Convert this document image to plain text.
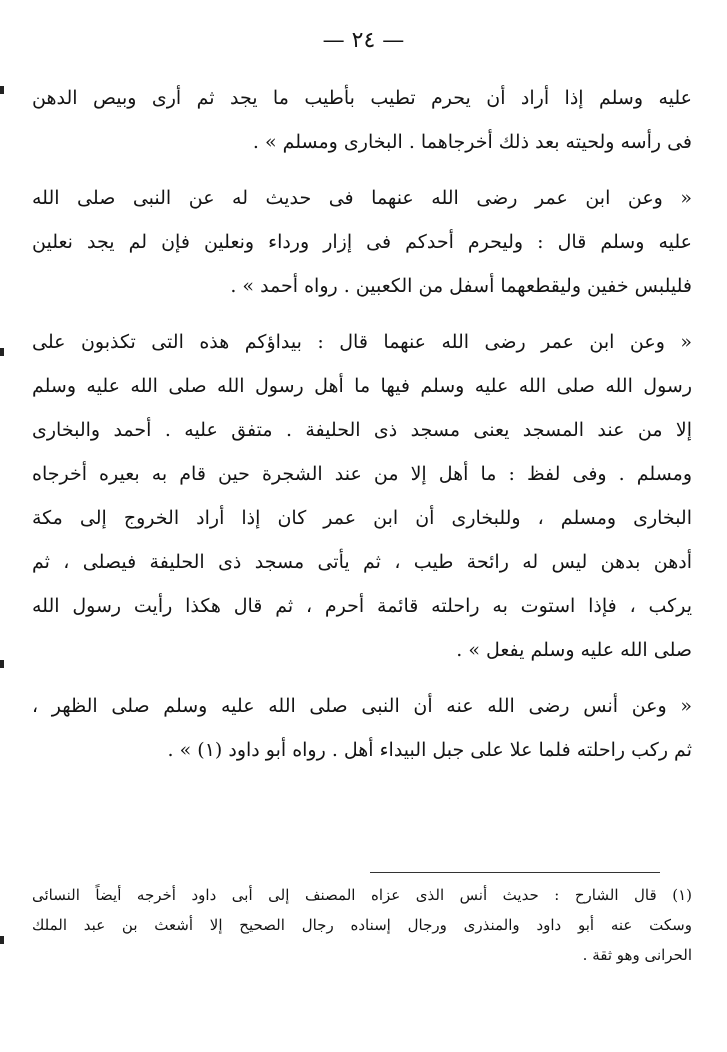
— ٢٤ —
عليه وسلم إذا أراد أن يحرم تطيب بأطيب ما يجد ثم أرى وبيص الدهن
فى رأسه ولحيته بعد ذلك أخرجاهما . البخارى ومسلم » .
« وعن ابن عمر رضى الله عنهما فى حديث له عن النبى صلى الله
عليه وسلم قال : وليحرم أحدكم فى إزار ورداء ونعلين فإن لم يجد نعلين
فليلبس خفين وليقطعهما أسفل من الكعبين . رواه أحمد » .
« وعن ابن عمر رضى الله عنهما قال : بيداؤكم هذه التى تكذبون على
رسول الله صلى الله عليه وسلم فيها ما أهل رسول الله صلى الله عليه وسلم
إلا من عند المسجد يعنى مسجد ذى الحليفة . متفق عليه . أحمد والبخارى
ومسلم . وفى لفظ : ما أهل إلا من عند الشجرة حين قام به بعيره أخرجاه
البخارى ومسلم ، وللبخارى أن ابن عمر كان إذا أراد الخروج إلى مكة
أدهن بدهن ليس له رائحة طيب ، ثم يأتى مسجد ذى الحليفة فيصلى ، ثم
يركب ، فإذا استوت به راحلته قائمة أحرم ، ثم قال هكذا رأيت رسول الله
صلى الله عليه وسلم يفعل » .
« وعن أنس رضى الله عنه أن النبى صلى الله عليه وسلم صلى الظهر ،
ثم ركب راحلته فلما علا على جبل البيداء أهل . رواه أبو داود (١) » .
(١) قال الشارح : حديث أنس الذى عزاه المصنف إلى أبى داود أخرجه أيضاً النسائى
وسكت عنه أبو داود والمنذرى ورجال إسناده رجال الصحيح إلا أشعث بن عبد الملك
الحرانى وهو ثقة .
